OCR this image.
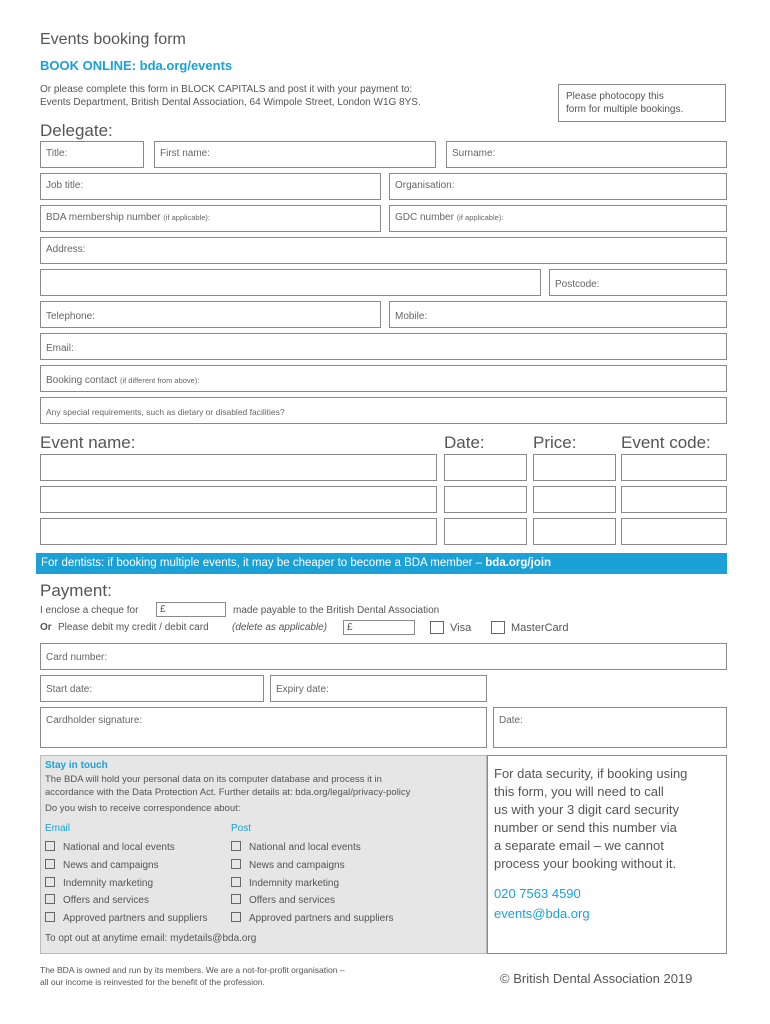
Events booking form
BOOK ONLINE: bda.org/events
Or please complete this form in BLOCK CAPITALS and post it with your payment to:
Events Department, British Dental Association, 64 Wimpole Street, London W1G 8YS.
Please photocopy this
form for multiple bookings.
Delegate:
Title:	First name:	Surname:
Job title:	Organisation:
BDA membership number (if applicable):	GDC number (if applicable):
Address:
Postcode:
Telephone:	Mobile:
Email:
Booking contact (if different from above):
Any special requirements, such as dietary or disabled facilities?
Event name:	Date:	Price:	Event code:
For dentists: if booking multiple events, it may be cheaper to become a BDA member – bda.org/join
Payment:
I enclose a cheque for £	made payable to the British Dental Association
Or Please debit my credit / debit card (delete as applicable) £	Visa	MasterCard
Card number:
Start date:	Expiry date:
Cardholder signature:	Date:
Stay in touch
The BDA will hold your personal data on its computer database and process it in
accordance with the Data Protection Act. Further details at: bda.org/legal/privacy-policy
Do you wish to receive correspondence about:
Email	Post
National and local events
News and campaigns
Indemnity marketing
Offers and services
Approved partners and suppliers
National and local events
News and campaigns
Indemnity marketing
Offers and services
Approved partners and suppliers
To opt out at anytime email: mydetails@bda.org
For data security, if booking using
this form, you will need to call
us with your 3 digit card security
number or send this number via
a separate email – we cannot
process your booking without it.
020 7563 4590
events@bda.org
The BDA is owned and run by its members. We are a not-for-profit organisation –
all our income is reinvested for the benefit of the profession.	© British Dental Association 2019
